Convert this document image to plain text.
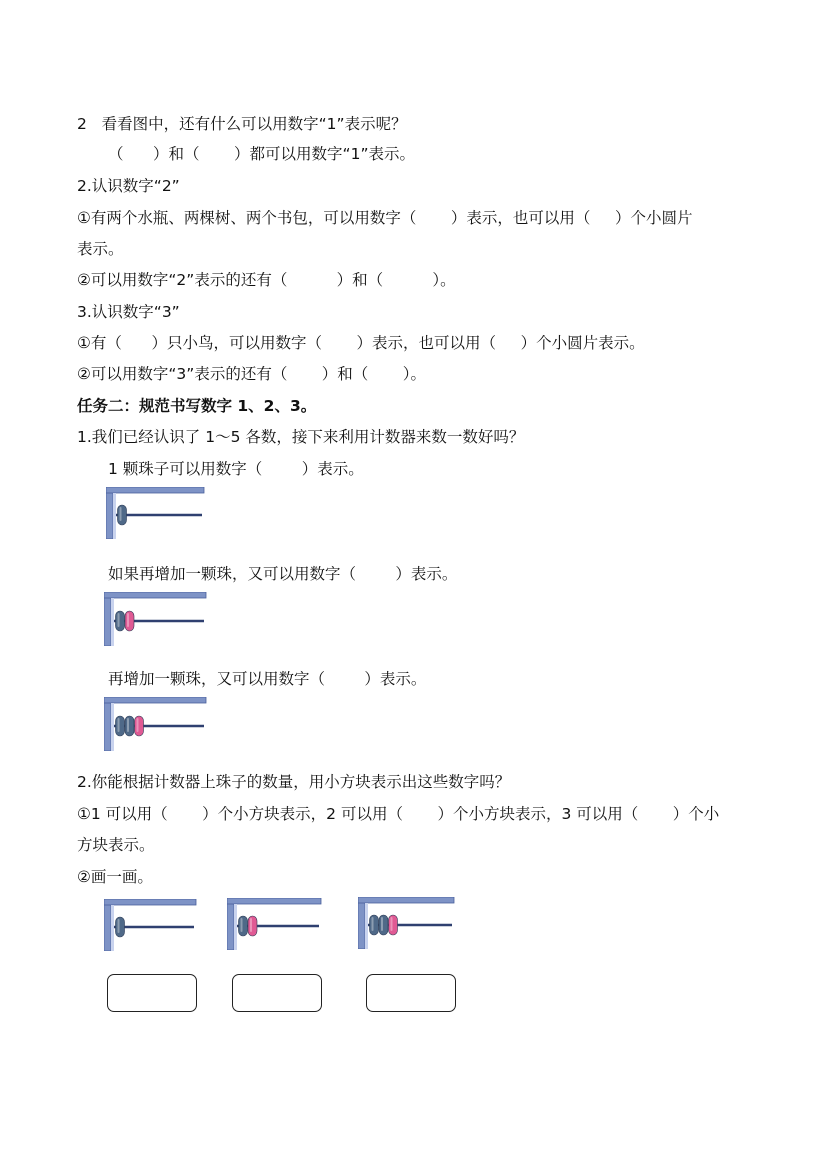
2   看看图中，还有什么可以用数字“1”表示呢？
（      ）和（       ）都可以用数字“1”表示。
2.认识数字“2”
①有两个水瓶、两棵树、两个书包，可以用数字（       ）表示，也可以用（     ）个小圆片
表示。
②可以用数字“2”表示的还有（          ）和（          ）。
3.认识数字“3”
①有（      ）只小鸟，可以用数字（       ）表示，也可以用（     ）个小圆片表示。
②可以用数字“3”表示的还有（       ）和（       ）。
任务二：规范书写数字 1、2、3。
1.我们已经认识了 1～5 各数，接下来利用计数器来数一数好吗？
1 颗珠子可以用数字（        ）表示。
如果再增加一颗珠，又可以用数字（        ）表示。
再增加一颗珠，又可以用数字（        ）表示。
2.你能根据计数器上珠子的数量，用小方块表示出这些数字吗？
①1 可以用（       ）个小方块表示，2 可以用（       ）个小方块表示，3 可以用（       ）个小
方块表示。
②画一画。
